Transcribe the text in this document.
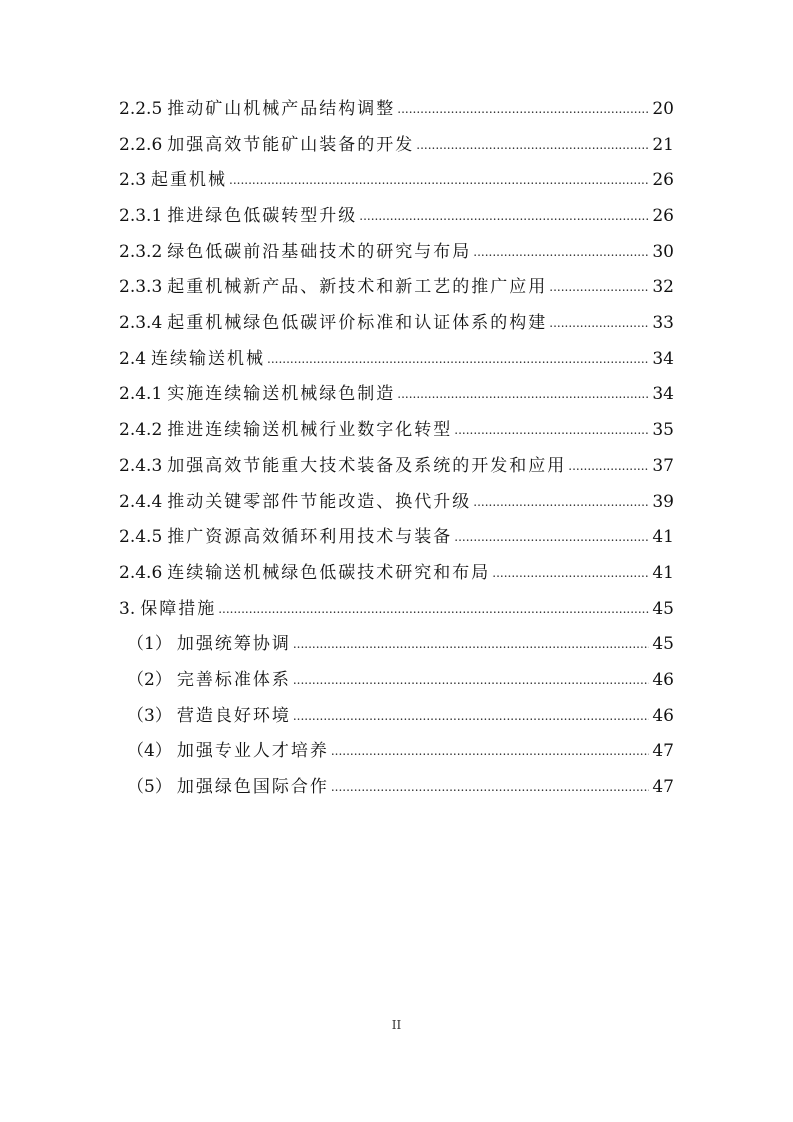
2.2.5 推动矿山机械产品结构调整 .....	20
2.2.6 加强高效节能矿山装备的开发 .....	21
2.3 起重机械 .....	26
2.3.1 推进绿色低碳转型升级 .....	26
2.3.2 绿色低碳前沿基础技术的研究与布局 .....	30
2.3.3 起重机械新产品、新技术和新工艺的推广应用 .....	32
2.3.4 起重机械绿色低碳评价标准和认证体系的构建 .....	33
2.4 连续输送机械 .....	34
2.4.1 实施连续输送机械绿色制造 .....	34
2.4.2 推进连续输送机械行业数字化转型 .....	35
2.4.3 加强高效节能重大技术装备及系统的开发和应用 .....	37
2.4.4 推动关键零部件节能改造、换代升级 .....	39
2.4.5 推广资源高效循环利用技术与装备 .....	41
2.4.6 连续输送机械绿色低碳技术研究和布局 .....	41
3. 保障措施 .....	45
（1） 加强统筹协调 .....	45
（2） 完善标准体系 .....	46
（3） 营造良好环境 .....	46
（4） 加强专业人才培养 .....	47
（5） 加强绿色国际合作 .....	47
II
